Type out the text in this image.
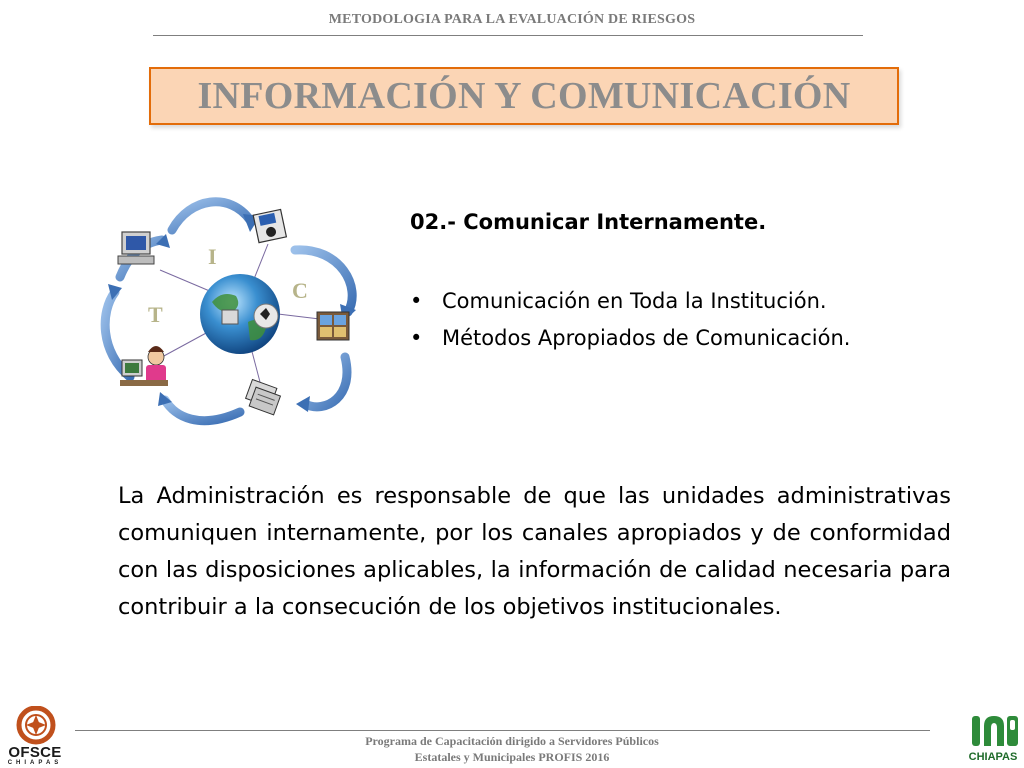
METODOLOGIA PARA LA EVALUACIÓN DE RIESGOS
INFORMACIÓN Y COMUNICACIÓN
I
C
T
02.- Comunicar Internamente.
• Comunicación en Toda la Institución.
• Métodos Apropiados de Comunicación.

La Administración es responsable de que las unidades administrativas comuniquen internamente, por los canales apropiados y de conformidad con las disposiciones aplicables, la información de calidad necesaria para contribuir a la consecución de los objetivos institucionales.

Programa de Capacitación dirigido a Servidores Públicos
Estatales y Municipales PROFIS 2016
OFSCE
CHIAPAS	CHIAPAS
